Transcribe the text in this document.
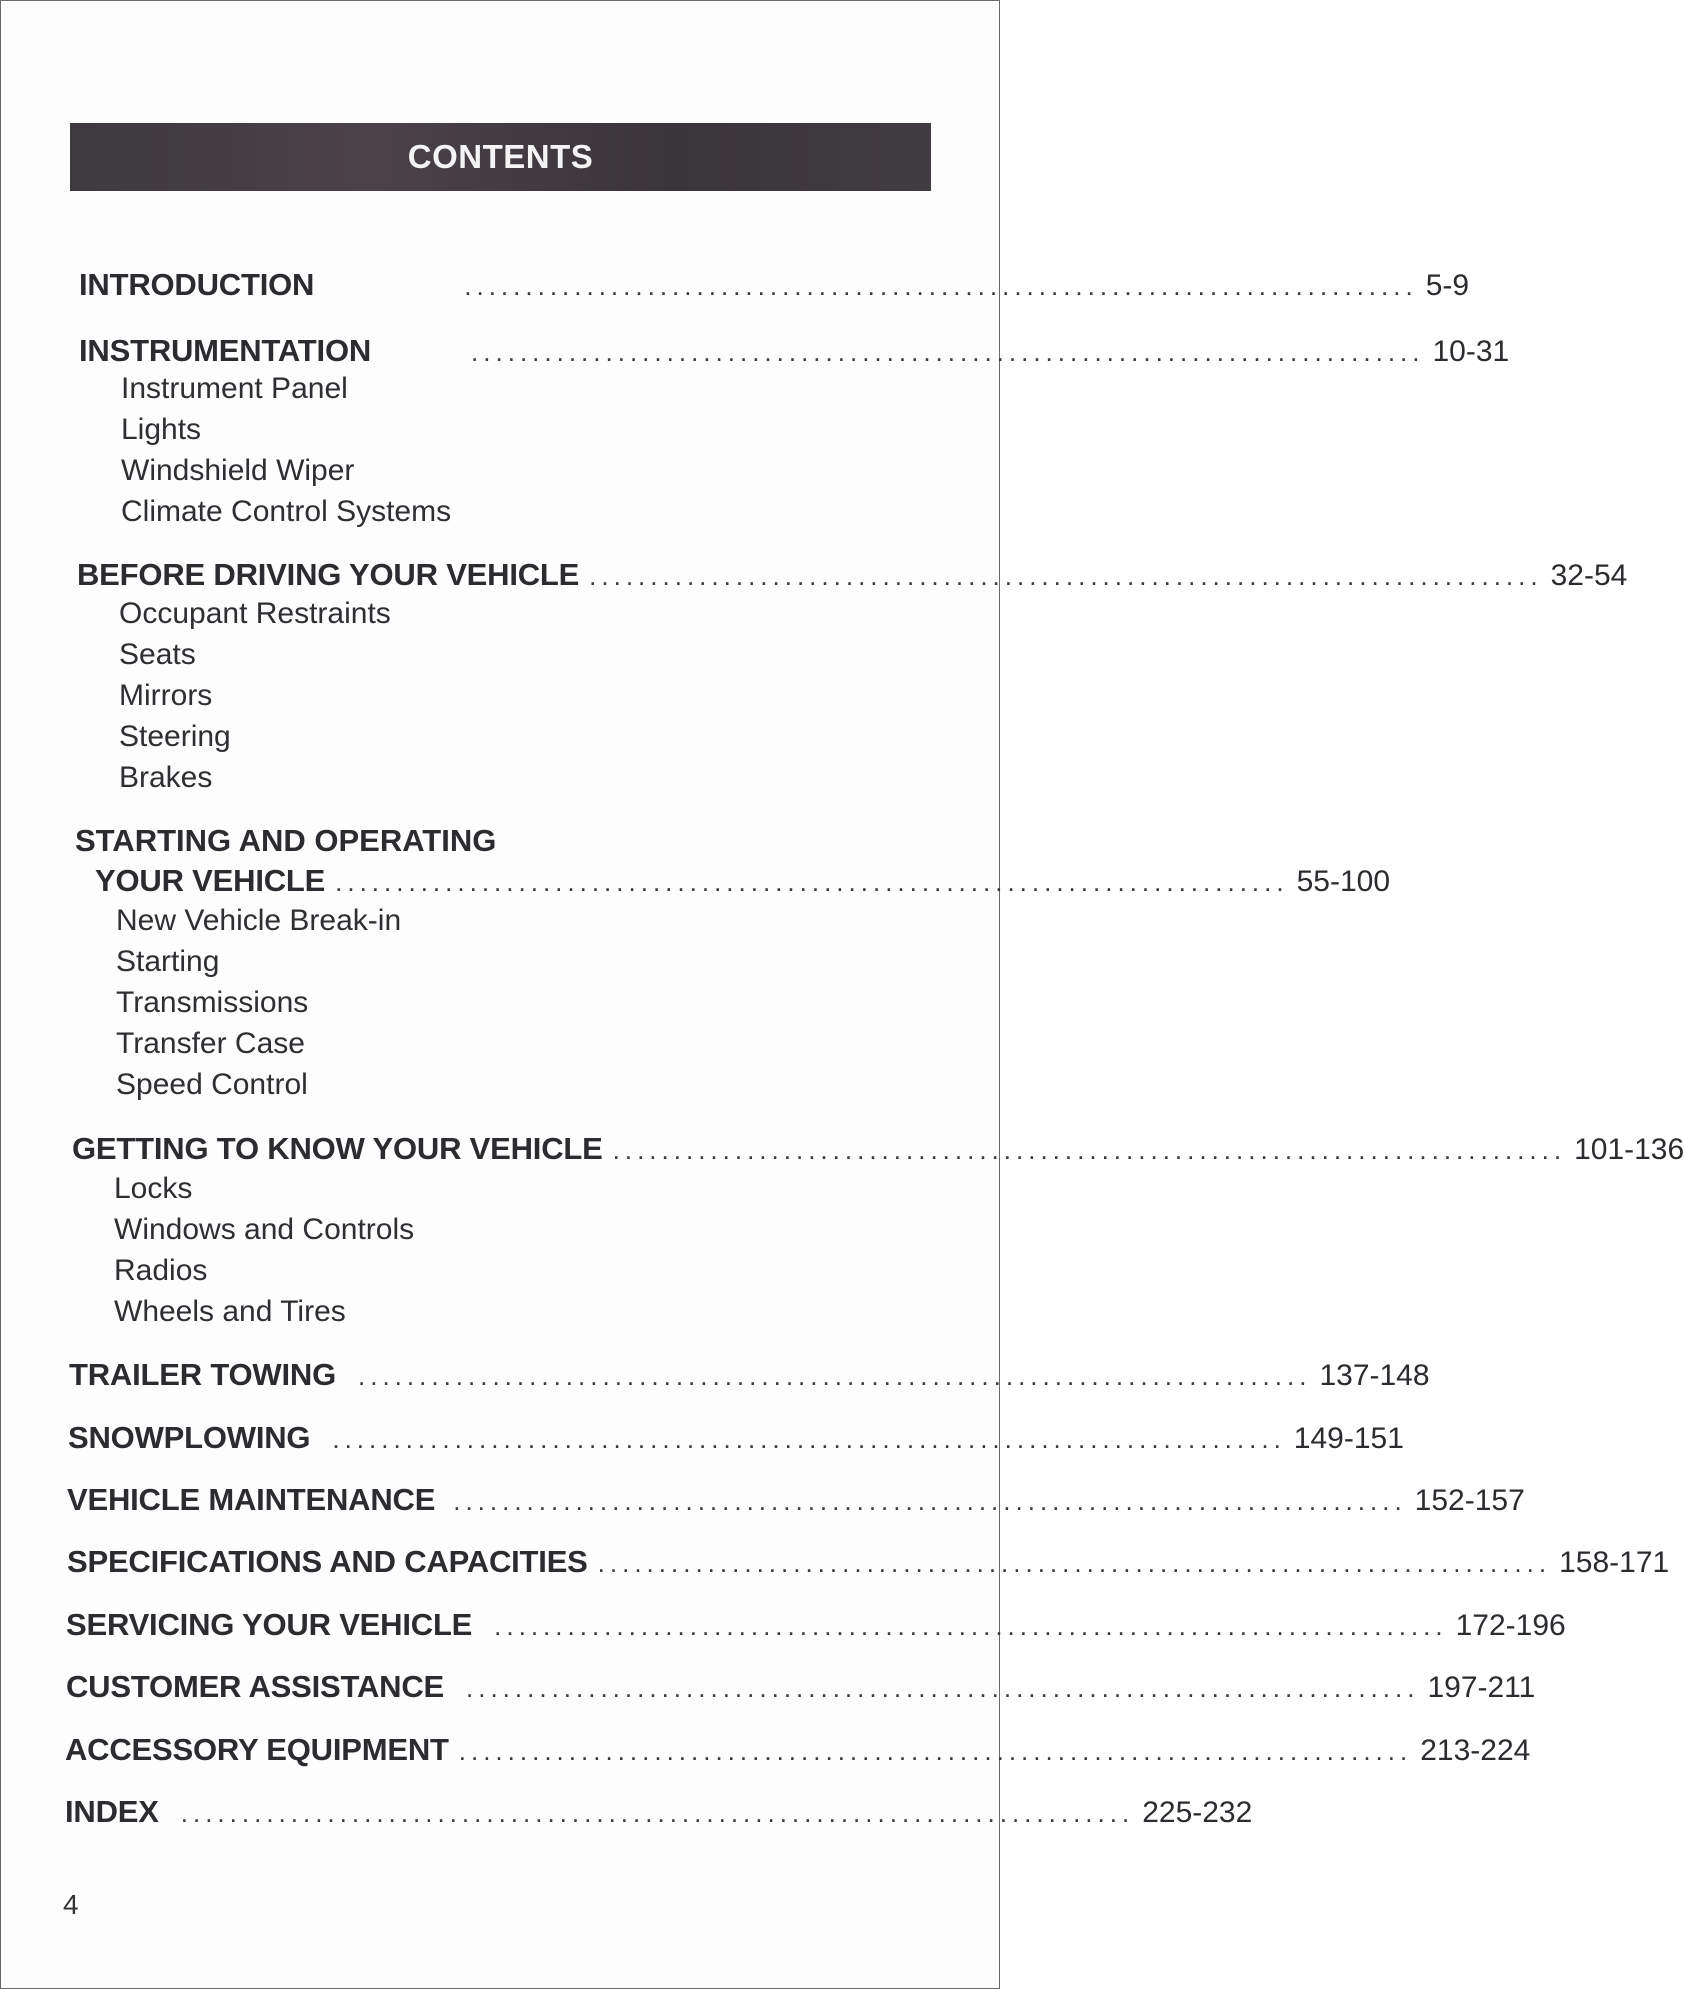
CONTENTS
INTRODUCTION	.............................................................................. 5-9
INSTRUMENTATION	.............................................................................. 10-31
Instrument Panel
Lights
Windshield Wiper
Climate Control Systems
BEFORE DRIVING YOUR VEHICLE .............................................................................. 32-54
Occupant Restraints
Seats
Mirrors
Steering
Brakes
STARTING AND OPERATING
YOUR VEHICLE .............................................................................. 55-100
New Vehicle Break-in
Starting
Transmissions
Transfer Case
Speed Control
GETTING TO KNOW YOUR VEHICLE .............................................................................. 101-136
Locks
Windows and Controls
Radios
Wheels and Tires
TRAILER TOWING .............................................................................. 137-148
SNOWPLOWING .............................................................................. 149-151
VEHICLE MAINTENANCE .............................................................................. 152-157
SPECIFICATIONS AND CAPACITIES .............................................................................. 158-171
SERVICING YOUR VEHICLE .............................................................................. 172-196
CUSTOMER ASSISTANCE .............................................................................. 197-211
ACCESSORY EQUIPMENT .............................................................................. 213-224
INDEX .............................................................................. 225-232
4
